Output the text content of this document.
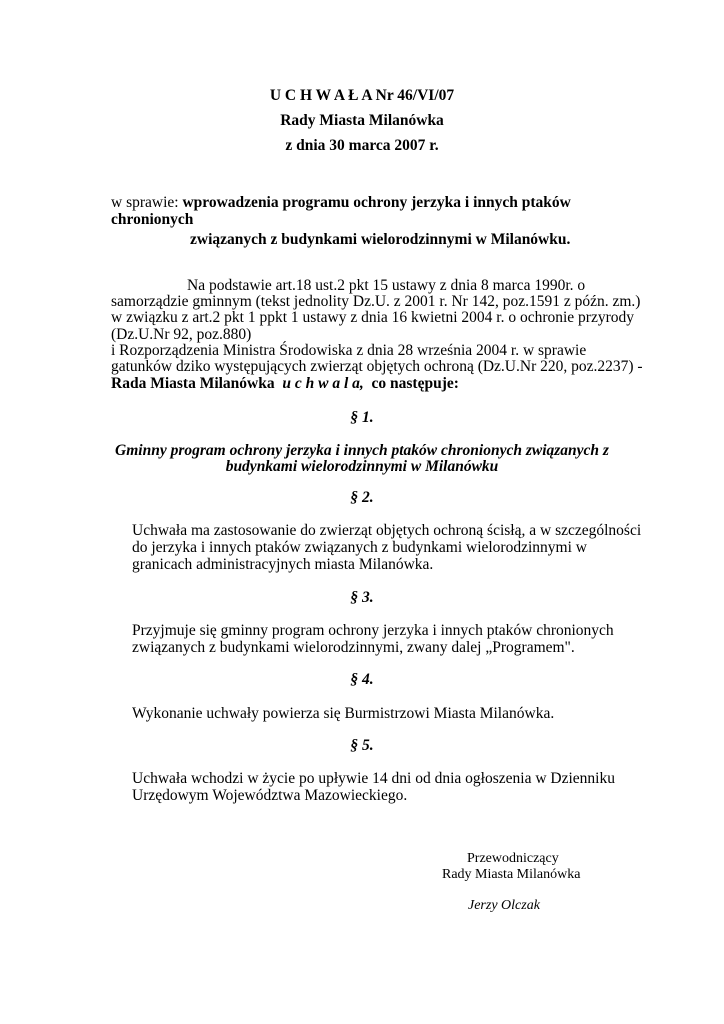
U C H W A Ł A Nr 46/VI/07
Rady Miasta Milanówka
z dnia 30 marca 2007 r.
w sprawie: wprowadzenia programu ochrony jerzyka i innych ptaków
chronionych
związanych z budynkami wielorodzinnymi w Milanówku.
Na podstawie art.18 ust.2 pkt 15 ustawy z dnia 8 marca 1990r. o
samorządzie gminnym (tekst jednolity Dz.U. z 2001 r. Nr 142, poz.1591 z późn. zm.)
w związku z art.2 pkt 1 ppkt 1 ustawy z dnia 16 kwietni 2004 r. o ochronie przyrody
(Dz.U.Nr 92, poz.880)
i Rozporządzenia Ministra Środowiska z dnia 28 września 2004 r. w sprawie
gatunków dziko występujących zwierząt objętych ochroną (Dz.U.Nr 220, poz.2237) -
Rada Miasta Milanówka u c h w a l a, co następuje:
§ 1.
Gminny program ochrony jerzyka i innych ptaków chronionych związanych z
budynkami wielorodzinnymi w Milanówku
§ 2.
Uchwała ma zastosowanie do zwierząt objętych ochroną ścisłą, a w szczególności
do jerzyka i innych ptaków związanych z budynkami wielorodzinnymi w
granicach administracyjnych miasta Milanówka.
§ 3.
Przyjmuje się gminny program ochrony jerzyka i innych ptaków chronionych
związanych z budynkami wielorodzinnymi, zwany dalej „Programem".
§ 4.
Wykonanie uchwały powierza się Burmistrzowi Miasta Milanówka.
§ 5.
Uchwała wchodzi w życie po upływie 14 dni od dnia ogłoszenia w Dzienniku
Urzędowym Województwa Mazowieckiego.
Przewodniczący
Rady Miasta Milanówka
Jerzy Olczak
